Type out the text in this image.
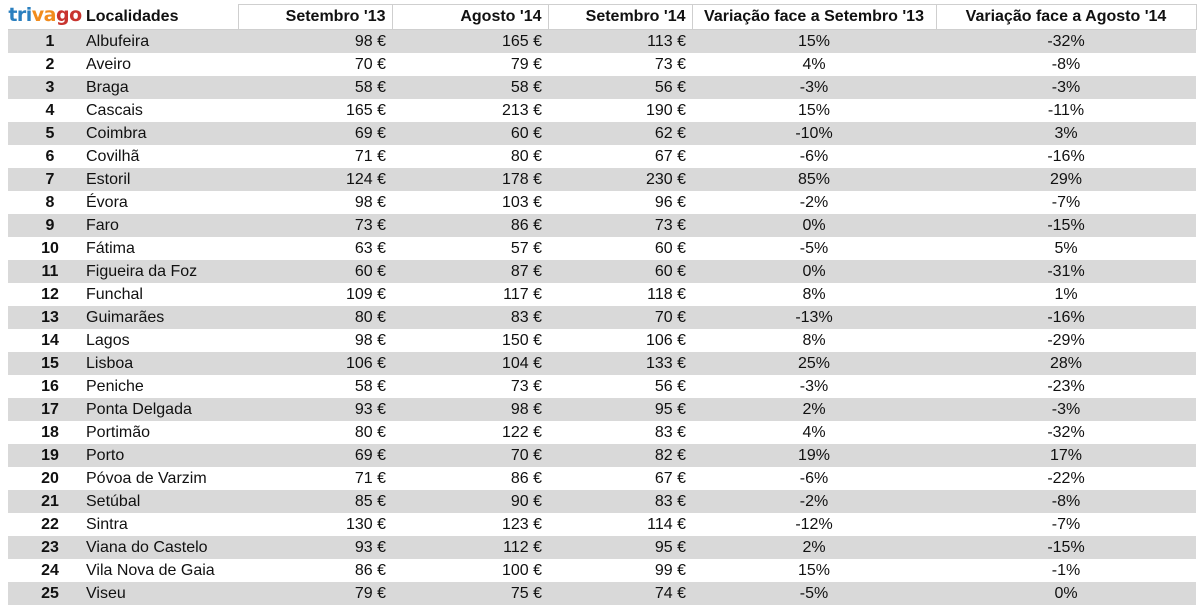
trivago	Localidades	Setembro '13	Agosto '14	Setembro '14	Variação face a Setembro '13	Variação face a Agosto '14
1	Albufeira	98 €	165 €	113 €	15%	-32%
2	Aveiro	70 €	79 €	73 €	4%	-8%
3	Braga	58 €	58 €	56 €	-3%	-3%
4	Cascais	165 €	213 €	190 €	15%	-11%
5	Coimbra	69 €	60 €	62 €	-10%	3%
6	Covilhã	71 €	80 €	67 €	-6%	-16%
7	Estoril	124 €	178 €	230 €	85%	29%
8	Évora	98 €	103 €	96 €	-2%	-7%
9	Faro	73 €	86 €	73 €	0%	-15%
10	Fátima	63 €	57 €	60 €	-5%	5%
11	Figueira da Foz	60 €	87 €	60 €	0%	-31%
12	Funchal	109 €	117 €	118 €	8%	1%
13	Guimarães	80 €	83 €	70 €	-13%	-16%
14	Lagos	98 €	150 €	106 €	8%	-29%
15	Lisboa	106 €	104 €	133 €	25%	28%
16	Peniche	58 €	73 €	56 €	-3%	-23%
17	Ponta Delgada	93 €	98 €	95 €	2%	-3%
18	Portimão	80 €	122 €	83 €	4%	-32%
19	Porto	69 €	70 €	82 €	19%	17%
20	Póvoa de Varzim	71 €	86 €	67 €	-6%	-22%
21	Setúbal	85 €	90 €	83 €	-2%	-8%
22	Sintra	130 €	123 €	114 €	-12%	-7%
23	Viana do Castelo	93 €	112 €	95 €	2%	-15%
24	Vila Nova de Gaia	86 €	100 €	99 €	15%	-1%
25	Viseu	79 €	75 €	74 €	-5%	0%
